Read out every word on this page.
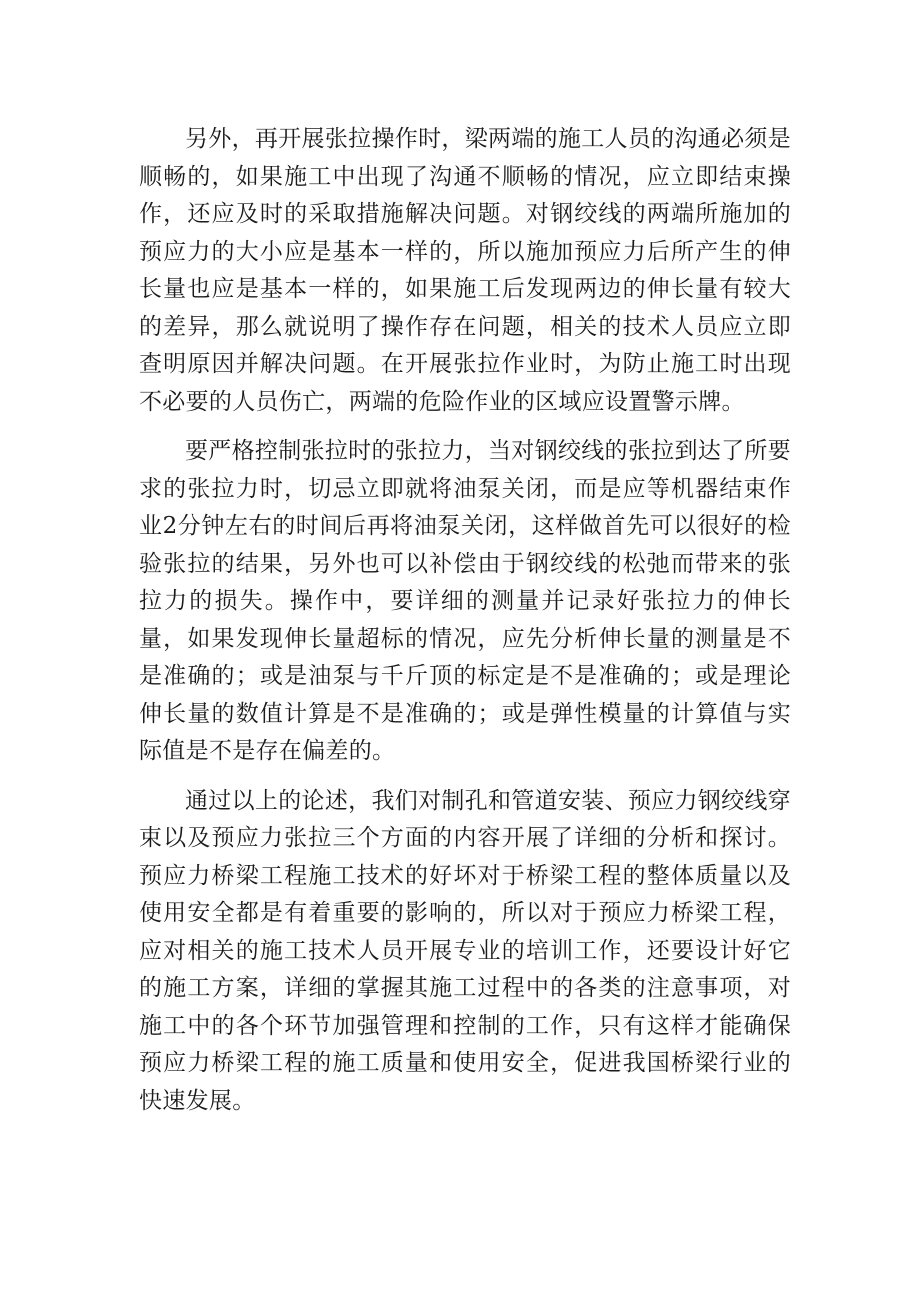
另外，再开展张拉操作时，梁两端的施工人员的沟通必须是顺畅的，如果施工中出现了沟通不顺畅的情况，应立即结束操作，还应及时的采取措施解决问题。对钢绞线的两端所施加的预应力的大小应是基本一样的，所以施加预应力后所产生的伸长量也应是基本一样的，如果施工后发现两边的伸长量有较大的差异，那么就说明了操作存在问题，相关的技术人员应立即查明原因并解决问题。在开展张拉作业时，为防止施工时出现不必要的人员伤亡，两端的危险作业的区域应设置警示牌。

要严格控制张拉时的张拉力，当对钢绞线的张拉到达了所要求的张拉力时，切忌立即就将油泵关闭，而是应等机器结束作业2分钟左右的时间后再将油泵关闭，这样做首先可以很好的检验张拉的结果，另外也可以补偿由于钢绞线的松弛而带来的张拉力的损失。操作中，要详细的测量并记录好张拉力的伸长量，如果发现伸长量超标的情况，应先分析伸长量的测量是不是准确的；或是油泵与千斤顶的标定是不是准确的；或是理论伸长量的数值计算是不是准确的；或是弹性模量的计算值与实际值是不是存在偏差的。

通过以上的论述，我们对制孔和管道安装、预应力钢绞线穿束以及预应力张拉三个方面的内容开展了详细的分析和探讨。预应力桥梁工程施工技术的好坏对于桥梁工程的整体质量以及使用安全都是有着重要的影响的，所以对于预应力桥梁工程，应对相关的施工技术人员开展专业的培训工作，还要设计好它的施工方案，详细的掌握其施工过程中的各类的注意事项，对施工中的各个环节加强管理和控制的工作，只有这样才能确保预应力桥梁工程的施工质量和使用安全，促进我国桥梁行业的快速发展。
